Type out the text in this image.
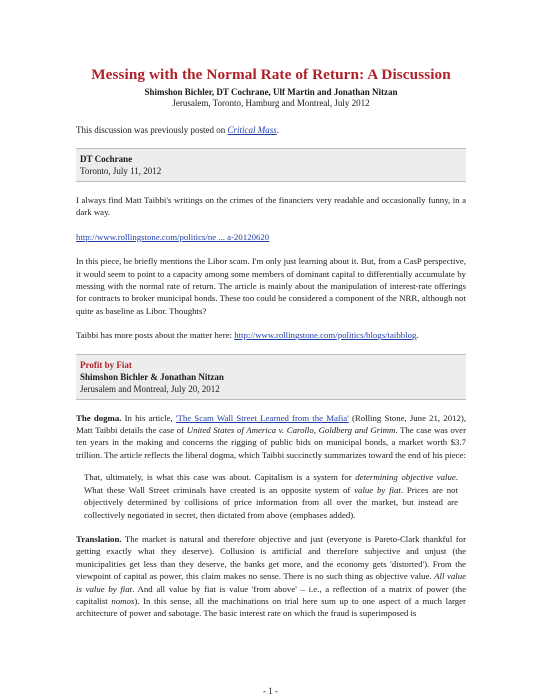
Messing with the Normal Rate of Return: A Discussion
Shimshon Bichler, DT Cochrane, Ulf Martin and Jonathan Nitzan
Jerusalem, Toronto, Hamburg and Montreal, July 2012
This discussion was previously posted on Critical Mass.
DT Cochrane
Toronto, July 11, 2012
I always find Matt Taibbi's writings on the crimes of the financiers very readable and occasionally funny, in a dark way.
http://www.rollingstone.com/politics/ne ... a-20120620
In this piece, he briefly mentions the Libor scam. I'm only just learning about it. But, from a CasP perspective, it would seem to point to a capacity among some members of dominant capital to differentially accumulate by messing with the normal rate of return. The article is mainly about the manipulation of interest-rate offerings for contracts to broker municipal bonds. These too could be considered a component of the NRR, although not quite as baseline as Libor. Thoughts?
Taibbi has more posts about the matter here: http://www.rollingstone.com/politics/blogs/taibblog.
Profit by Fiat
Shimshon Bichler & Jonathan Nitzan
Jerusalem and Montreal, July 20, 2012
The dogma. In his article, 'The Scam Wall Street Learned from the Mafia' (Rolling Stone, June 21, 2012), Matt Taibbi details the case of United States of America v. Carollo, Goldberg and Grimm. The case was over ten years in the making and concerns the rigging of public bids on municipal bonds, a market worth $3.7 trillion. The article reflects the liberal dogma, which Taibbi succinctly summarizes toward the end of his piece:
That, ultimately, is what this case was about. Capitalism is a system for determining objective value. What these Wall Street criminals have created is an opposite system of value by fiat. Prices are not objectively determined by collisions of price information from all over the market, but instead are collectively negotiated in secret, then dictated from above (emphases added).
Translation. The market is natural and therefore objective and just (everyone is Pareto-Clark thankful for getting exactly what they deserve). Collusion is artificial and therefore subjective and unjust (the municipalities get less than they deserve, the banks get more, and the economy gets 'distorted'). From the viewpoint of capital as power, this claim makes no sense. There is no such thing as objective value. All value is value by fiat. And all value by fiat is value 'from above' – i.e., a reflection of a matrix of power (the capitalist nomos). In this sense, all the machinations on trial here sum up to one aspect of a much larger architecture of power and sabotage. The basic interest rate on which the fraud is superimposed is
- 1 -
